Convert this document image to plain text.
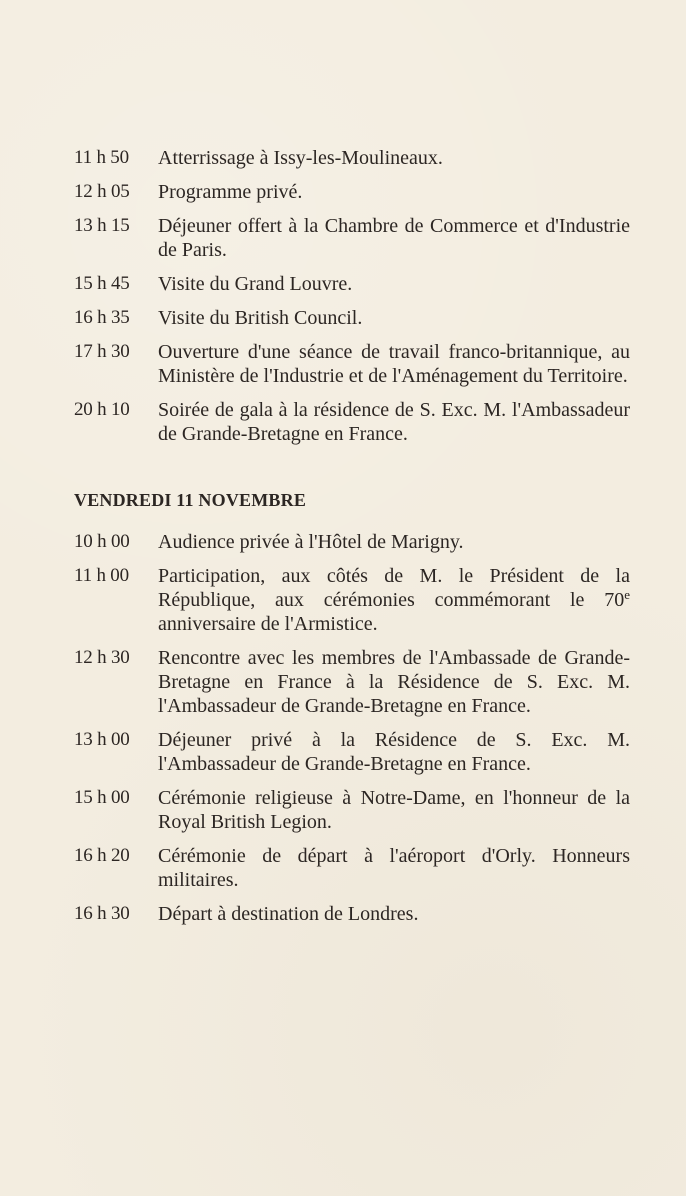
11 h 50	Atterrissage à Issy-les-Moulineaux.
12 h 05	Programme privé.
13 h 15	Déjeuner offert à la Chambre de Commerce et d'Industrie de Paris.
15 h 45	Visite du Grand Louvre.
16 h 35	Visite du British Council.
17 h 30	Ouverture d'une séance de travail franco-britannique, au Ministère de l'Industrie et de l'Aménagement du Territoire.
20 h 10	Soirée de gala à la résidence de S. Exc. M. l'Ambassadeur de Grande-Bretagne en France.
VENDREDI 11 NOVEMBRE
10 h 00	Audience privée à l'Hôtel de Marigny.
11 h 00	Participation, aux côtés de M. le Président de la République, aux cérémonies commémorant le 70e anniversaire de l'Armistice.
12 h 30	Rencontre avec les membres de l'Ambassade de Grande-Bretagne en France à la Résidence de S. Exc. M. l'Ambassadeur de Grande-Bretagne en France.
13 h 00	Déjeuner privé à la Résidence de S. Exc. M. l'Ambassadeur de Grande-Bretagne en France.
15 h 00	Cérémonie religieuse à Notre-Dame, en l'honneur de la Royal British Legion.
16 h 20	Cérémonie de départ à l'aéroport d'Orly. Honneurs militaires.
16 h 30	Départ à destination de Londres.
